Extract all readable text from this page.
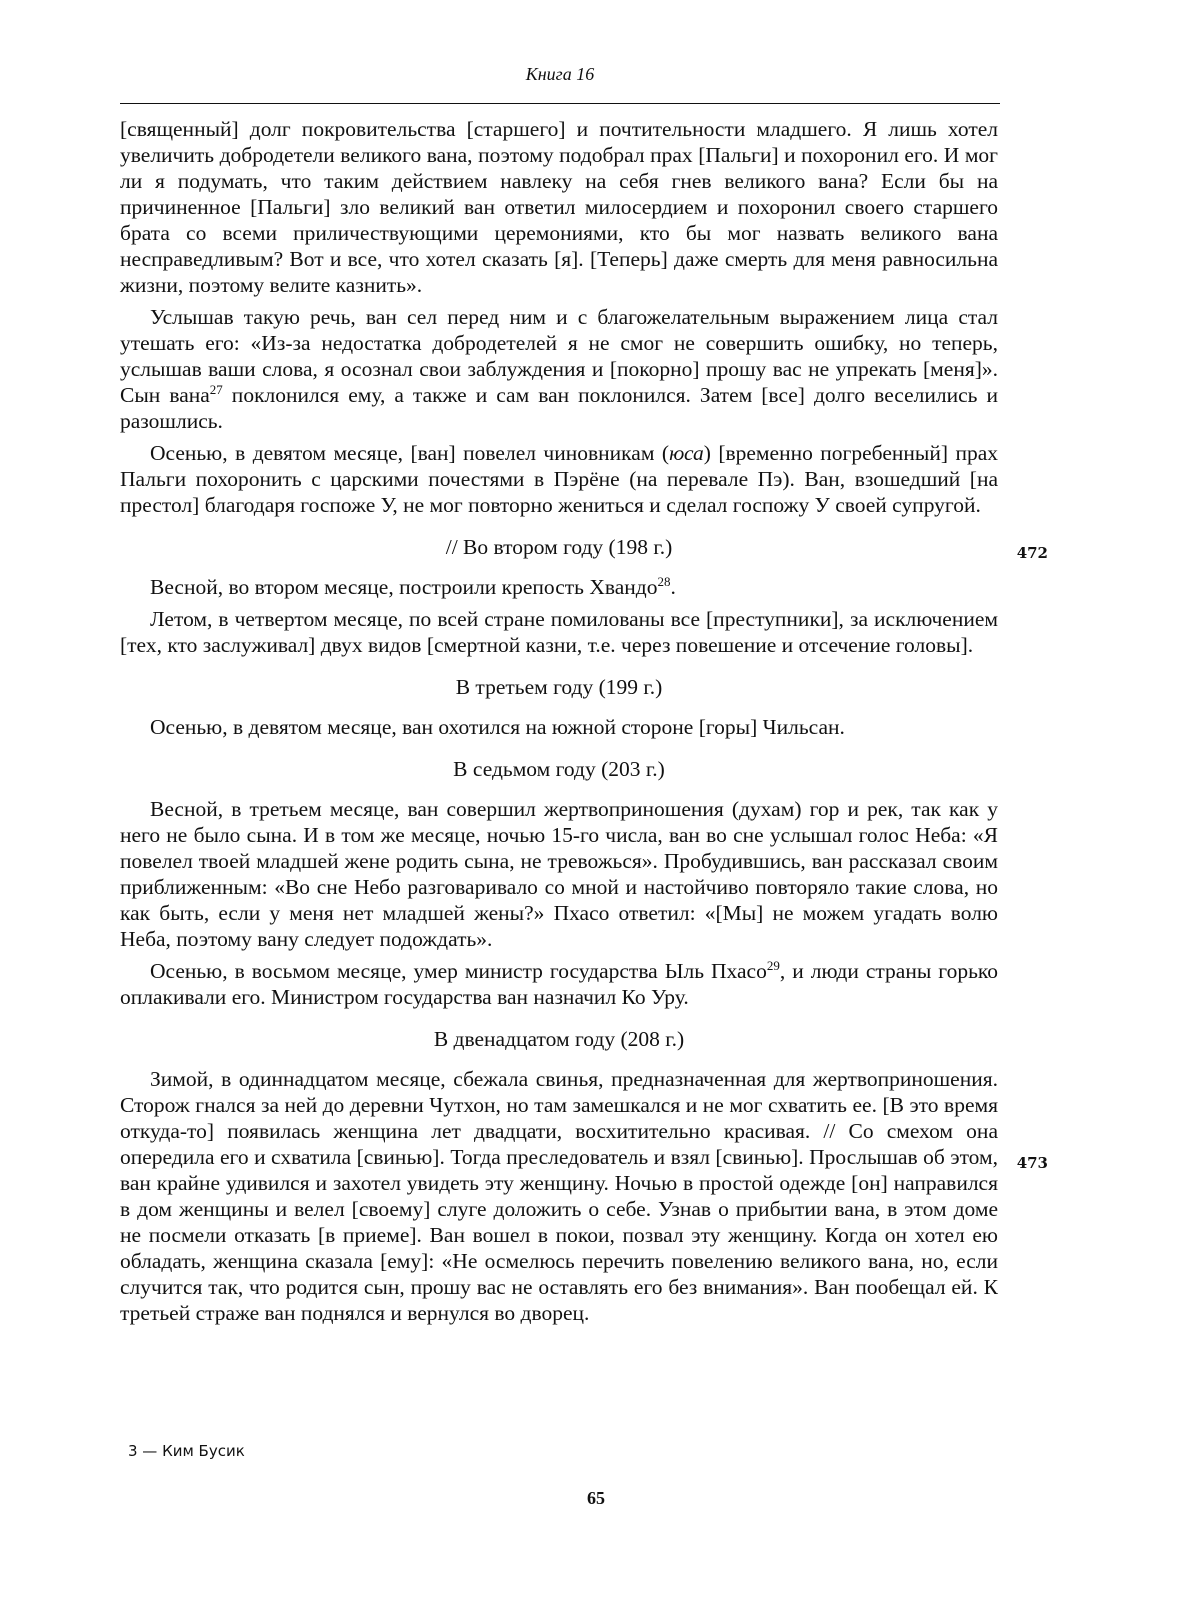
Книга 16

[священный] долг покровительства [старшего] и почтительности младшего. Я лишь хотел увеличить добродетели великого вана, поэтому подобрал прах [Пальги] и похоронил его. И мог ли я подумать, что таким действием навлеку на себя гнев великого вана? Если бы на причиненное [Пальги] зло великий ван ответил милосердием и похоронил своего старшего брата со всеми приличествующими церемониями, кто бы мог назвать великого вана несправедливым? Вот и все, что хотел сказать [я]. [Теперь] даже смерть для меня равносильна жизни, поэтому велите казнить».

Услышав такую речь, ван сел перед ним и с благожелательным выражением лица стал утешать его: «Из-за недостатка добродетелей я не смог не совершить ошибку, но теперь, услышав ваши слова, я осознал свои заблуждения и [покорно] прошу вас не упрекать [меня]». Сын вана$^{27}$ поклонился ему, а также и сам ван поклонился. Затем [все] долго веселились и разошлись.

Осенью, в девятом месяце, [ван] повелел чиновникам (юса) [временно погребенный] прах Пальги похоронить с царскими почестями в Пэрёне (на перевале Пэ). Ван, взошедший [на престол] благодаря госпоже У, не мог повторно жениться и сделал госпожу У своей супругой.

// Во втором году (198 г.)	472

Весной, во втором месяце, построили крепость Хвандо$^{28}$.

Летом, в четвертом месяце, по всей стране помилованы все [преступники], за исключением [тех, кто заслуживал] двух видов [смертной казни, т.е. через повешение и отсечение головы].

В третьем году (199 г.)

Осенью, в девятом месяце, ван охотился на южной стороне [горы] Чильсан.

В седьмом году (203 г.)

Весной, в третьем месяце, ван совершил жертвоприношения (духам) гор и рек, так как у него не было сына. И в том же месяце, ночью 15-го числа, ван во сне услышал голос Неба: «Я повелел твоей младшей жене родить сына, не тревожься». Пробудившись, ван рассказал своим приближенным: «Во сне Небо разговаривало со мной и настойчиво повторяло такие слова, но как быть, если у меня нет младшей жены?» Пхасо ответил: «[Мы] не можем угадать волю Неба, поэтому вану следует подождать».

Осенью, в восьмом месяце, умер министр государства Ыль Пхасо$^{29}$, и люди страны горько оплакивали его. Министром государства ван назначил Ко Уру.

В двенадцатом году (208 г.)
473

Зимой, в одиннадцатом месяце, сбежала свинья, предназначенная для жертвоприношения. Сторож гнался за ней до деревни Чутхон, но там замешкался и не мог схватить ее. [В это время откуда-то] появилась женщина лет двадцати, восхитительно красивая. // Со смехом она опередила его и схватила [свинью]. Тогда преследователь и взял [свинью]. Прослышав об этом, ван крайне удивился и захотел увидеть эту женщину. Ночью в простой одежде [он] направился в дом женщины и велел [своему] слуге доложить о себе. Узнав о прибытии вана, в этом доме не посмели отказать [в приеме]. Ван вошел в покои, позвал эту женщину. Когда он хотел ею обладать, женщина сказала [ему]: «Не осмелюсь перечить повелению великого вана, но, если случится так, что родится сын, прошу вас не оставлять его без внимания». Ван пообещал ей. К третьей страже ван поднялся и вернулся во дворец.

3 — Ким Бусик
65
